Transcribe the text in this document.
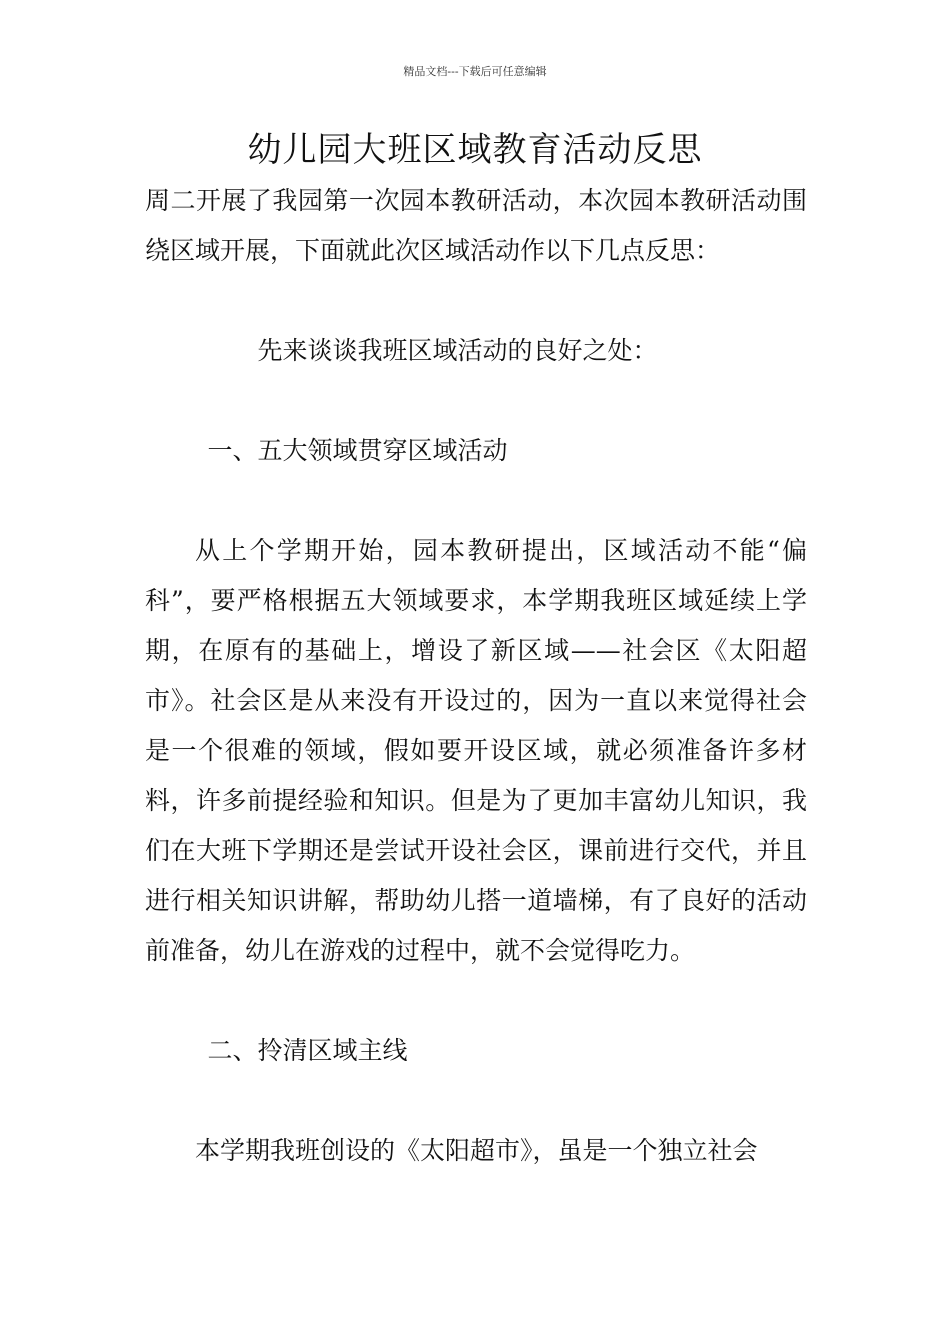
精品文档---下载后可任意编辑
幼儿园大班区域教育活动反思

周二开展了我园第一次园本教研活动，本次园本教研活动围绕区域开展，下面就此次区域活动作以下几点反思：

先来谈谈我班区域活动的良好之处：

一、五大领域贯穿区域活动

从上个学期开始，园本教研提出，区域活动不能“偏科”，要严格根据五大领域要求，本学期我班区域延续上学期，在原有的基础上，增设了新区域——社会区《太阳超市》。社会区是从来没有开设过的，因为一直以来觉得社会是一个很难的领域，假如要开设区域，就必须准备许多材料，许多前提经验和知识。但是为了更加丰富幼儿知识，我们在大班下学期还是尝试开设社会区，课前进行交代，并且进行相关知识讲解，帮助幼儿搭一道墙梯，有了良好的活动前准备，幼儿在游戏的过程中，就不会觉得吃力。

二、拎清区域主线

本学期我班创设的《太阳超市》，虽是一个独立社会
